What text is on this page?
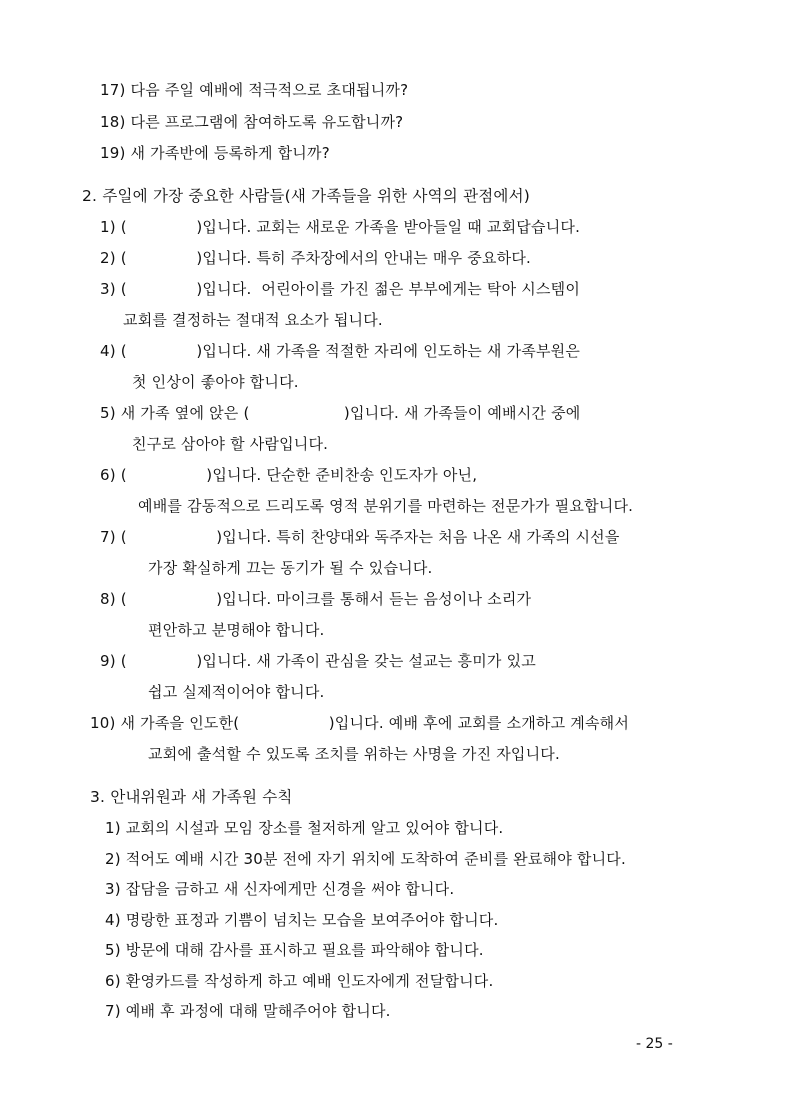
17) 다음 주일 예배에 적극적으로 초대됩니까?
18) 다른 프로그램에 참여하도록 유도합니까?
19) 새 가족반에 등록하게 합니까?
2. 주일에 가장 중요한 사람들(새 가족들을 위한 사역의 관점에서)
1) (              )입니다. 교회는 새로운 가족을 받아들일 때 교회답습니다.
2) (              )입니다. 특히 주차장에서의 안내는 매우 중요하다.
3) (              )입니다.  어린아이를 가진 젊은 부부에게는 탁아 시스템이
교회를 결정하는 절대적 요소가 됩니다.
4) (              )입니다. 새 가족을 적절한 자리에 인도하는 새 가족부원은
첫 인상이 좋아야 합니다.
5) 새 가족 옆에 앉은 (                   )입니다. 새 가족들이 예배시간 중에
친구로 삼아야 할 사람입니다.
6) (                )입니다. 단순한 준비찬송 인도자가 아닌,
예배를 감동적으로 드리도록 영적 분위기를 마련하는 전문가가 필요합니다.
7) (                  )입니다. 특히 찬양대와 독주자는 처음 나온 새 가족의 시선을
가장 확실하게 끄는 동기가 될 수 있습니다.
8) (                  )입니다. 마이크를 통해서 듣는 음성이나 소리가
편안하고 분명해야 합니다.
9) (              )입니다. 새 가족이 관심을 갖는 설교는 흥미가 있고
쉽고 실제적이어야 합니다.
10) 새 가족을 인도한(                  )입니다. 예배 후에 교회를 소개하고 계속해서
교회에 출석할 수 있도록 조치를 위하는 사명을 가진 자입니다.
3. 안내위원과 새 가족원 수칙
1) 교회의 시설과 모임 장소를 철저하게 알고 있어야 합니다.
2) 적어도 예배 시간 30분 전에 자기 위치에 도착하여 준비를 완료해야 합니다.
3) 잡담을 금하고 새 신자에게만 신경을 써야 합니다.
4) 명랑한 표정과 기쁨이 넘치는 모습을 보여주어야 합니다.
5) 방문에 대해 감사를 표시하고 필요를 파악해야 합니다.
6) 환영카드를 작성하게 하고 예배 인도자에게 전달합니다.
7) 예배 후 과정에 대해 말해주어야 합니다.
- 25 -
